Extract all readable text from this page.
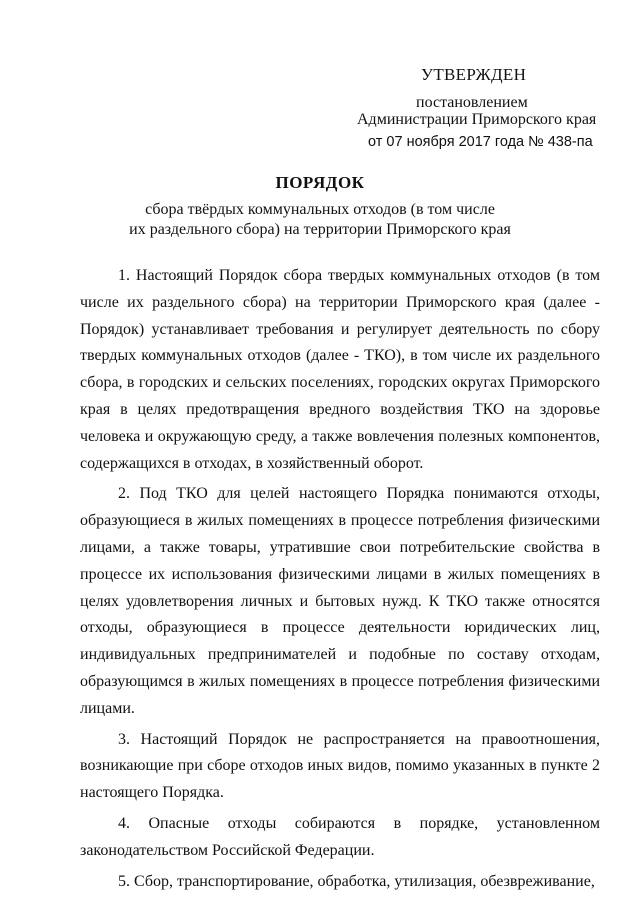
УТВЕРЖДЕН
постановлением
Администрации Приморского края
от 07 ноября 2017 года № 438-па
ПОРЯДОК
сбора твёрдых коммунальных отходов (в том числе
их раздельного сбора) на территории Приморского края

1. Настоящий Порядок сбора твердых коммунальных отходов (в том числе их раздельного сбора) на территории Приморского края (далее - Порядок) устанавливает требования и регулирует деятельность по сбору твердых коммунальных отходов (далее - ТКО), в том числе их раздельного сбора, в городских и сельских поселениях, городских округах Приморского края в целях предотвращения вредного воздействия ТКО на здоровье человека и окружающую среду, а также вовлечения полезных компонентов, содержащихся в отходах, в хозяйственный оборот.

2. Под ТКО для целей настоящего Порядка понимаются отходы, образующиеся в жилых помещениях в процессе потребления физическими лицами, а также товары, утратившие свои потребительские свойства в процессе их использования физическими лицами в жилых помещениях в целях удовлетворения личных и бытовых нужд. К ТКО также относятся отходы, образующиеся в процессе деятельности юридических лиц, индивидуальных предпринимателей и подобные по составу отходам, образующимся в жилых помещениях в процессе потребления физическими лицами.

3. Настоящий Порядок не распространяется на правоотношения, возникающие при сборе отходов иных видов, помимо указанных в пункте 2 настоящего Порядка.

4. Опасные отходы собираются в порядке, установленном законодательством Российской Федерации.

5. Сбор, транспортирование, обработка, утилизация, обезвреживание,
